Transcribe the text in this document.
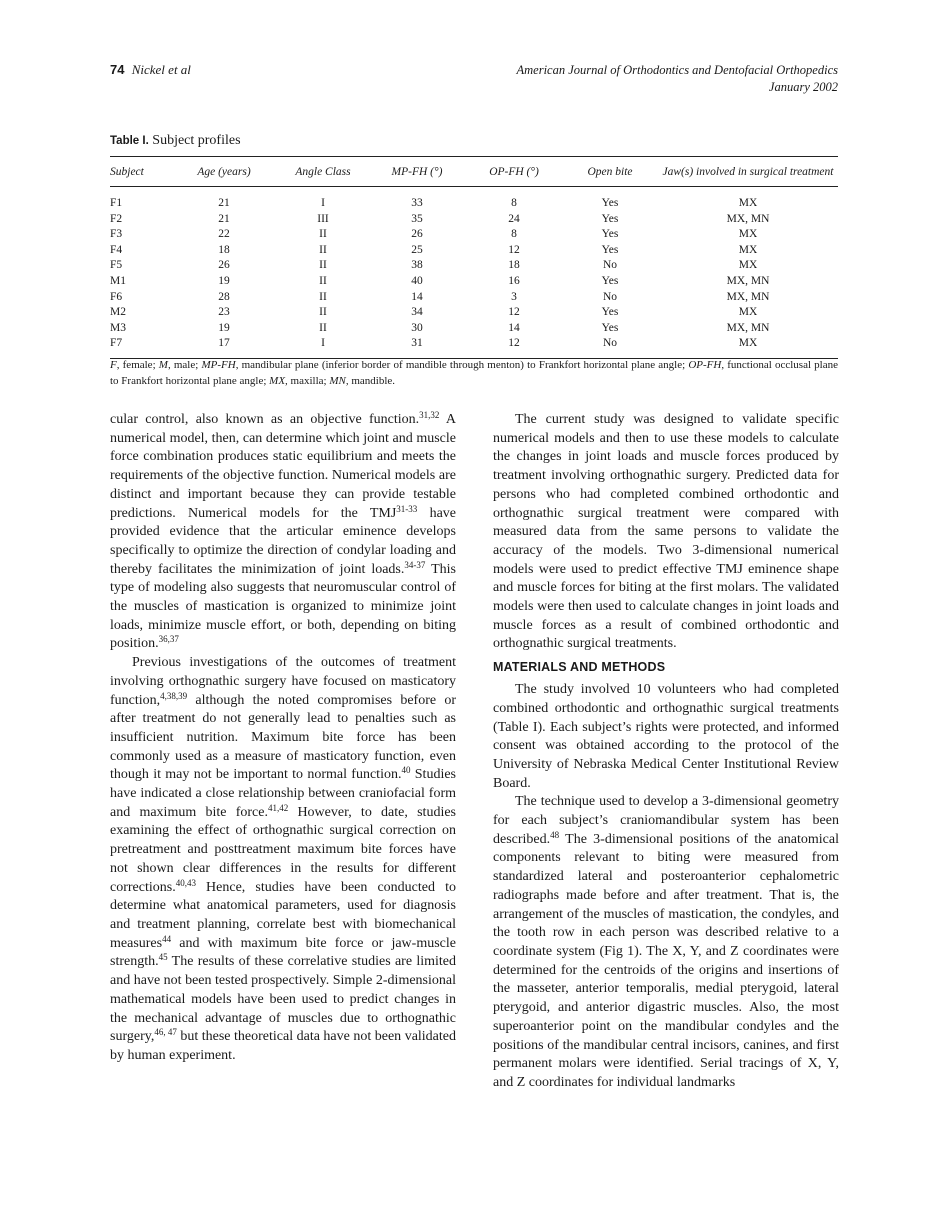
74 Nickel et al	American Journal of Orthodontics and Dentofacial Orthopedics
January 2002
Table I. Subject profiles
Subject	Age (years)	Angle Class	MP-FH (°)	OP-FH (°)	Open bite	Jaw(s) involved in surgical treatment
F1	21	I	33	8	Yes	MX
F2	21	III	35	24	Yes	MX, MN
F3	22	II	26	8	Yes	MX
F4	18	II	25	12	Yes	MX
F5	26	II	38	18	No	MX
M1	19	II	40	16	Yes	MX, MN
F6	28	II	14	3	No	MX, MN
M2	23	II	34	12	Yes	MX
M3	19	II	30	14	Yes	MX, MN
F7	17	I	31	12	No	MX
F, female; M, male; MP-FH, mandibular plane (inferior border of mandible through menton) to Frankfort horizontal plane angle; OP-FH, functional occlusal plane to Frankfort horizontal plane angle; MX, maxilla; MN, mandible.

cular control, also known as an objective function.$^{31,32}$ A numerical model, then, can determine which joint and muscle force combination produces static equilibrium and meets the requirements of the objective function. Numerical models are distinct and important because they can provide testable predictions. Numerical models for the TMJ$^{31-33}$ have provided evidence that the articular eminence develops specifically to optimize the direction of condylar loading and thereby facilitates the minimization of joint loads.$^{34-37}$ This type of modeling also suggests that neuromuscular control of the muscles of mastication is organized to minimize joint loads, minimize muscle effort, or both, depending on biting position.$^{36,37}$

Previous investigations of the outcomes of treatment involving orthognathic surgery have focused on masticatory function,$^{4,38,39}$ although the noted compromises before or after treatment do not generally lead to penalties such as insufficient nutrition. Maximum bite force has been commonly used as a measure of masticatory function, even though it may not be important to normal function.$^{40}$ Studies have indicated a close relationship between craniofacial form and maximum bite force.$^{41,42}$ However, to date, studies examining the effect of orthognathic surgical correction on pretreatment and posttreatment maximum bite forces have not shown clear differences in the results for different corrections.$^{40,43}$ Hence, studies have been conducted to determine what anatomical parameters, used for diagnosis and treatment planning, correlate best with biomechanical measures$^{44}$ and with maximum bite force or jaw-muscle strength.$^{45}$ The results of these correlative studies are limited and have not been tested prospectively. Simple 2-dimensional mathematical models have been used to predict changes in the mechanical advantage of muscles due to orthognathic surgery,$^{46, 47}$ but these theoretical data have not been validated by human experiment.

The current study was designed to validate specific numerical models and then to use these models to calculate the changes in joint loads and muscle forces produced by treatment involving orthognathic surgery. Predicted data for persons who had completed combined orthodontic and orthognathic surgical treatment were compared with measured data from the same persons to validate the accuracy of the models. Two 3-dimensional numerical models were used to predict effective TMJ eminence shape and muscle forces for biting at the first molars. The validated models were then used to calculate changes in joint loads and muscle forces as a result of combined orthodontic and orthognathic surgical treatments.

MATERIALS AND METHODS

The study involved 10 volunteers who had completed combined orthodontic and orthognathic surgical treatments (Table I). Each subject’s rights were protected, and informed consent was obtained according to the protocol of the University of Nebraska Medical Center Institutional Review Board.

The technique used to develop a 3-dimensional geometry for each subject’s craniomandibular system has been described.$^{48}$ The 3-dimensional positions of the anatomical components relevant to biting were measured from standardized lateral and posteroanterior cephalometric radiographs made before and after treatment. That is, the arrangement of the muscles of mastication, the condyles, and the tooth row in each person was described relative to a coordinate system (Fig 1). The X, Y, and Z coordinates were determined for the centroids of the origins and insertions of the masseter, anterior temporalis, medial pterygoid, lateral pterygoid, and anterior digastric muscles. Also, the most superoanterior point on the mandibular condyles and the positions of the mandibular central incisors, canines, and first permanent molars were identified. Serial tracings of X, Y, and Z coordinates for individual landmarks
